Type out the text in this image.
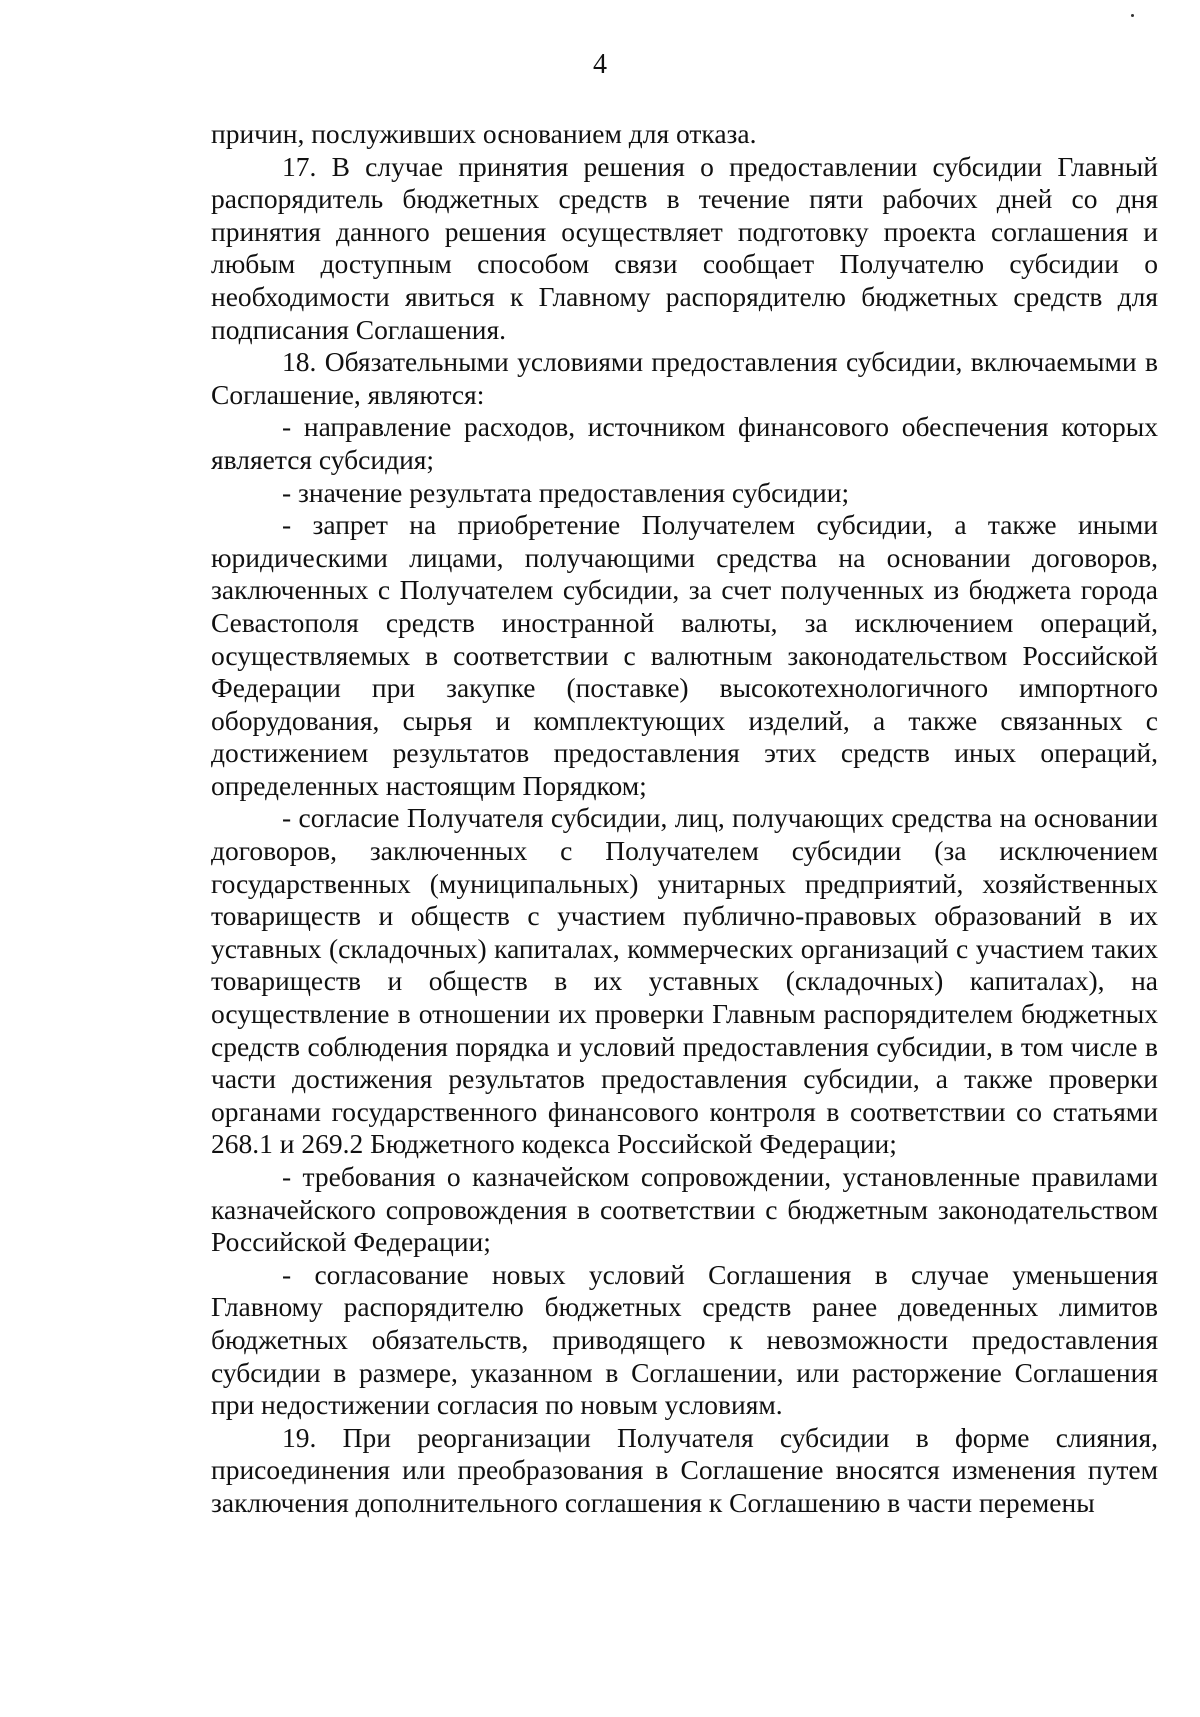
4

причин, послуживших основанием для отказа.

17. В случае принятия решения о предоставлении субсидии Главный распорядитель бюджетных средств в течение пяти рабочих дней со дня принятия данного решения осуществляет подготовку проекта соглашения и любым доступным способом связи сообщает Получателю субсидии о необходимости явиться к Главному распорядителю бюджетных средств для подписания Соглашения.

18. Обязательными условиями предоставления субсидии, включаемыми в Соглашение, являются:

- направление расходов, источником финансового обеспечения которых является субсидия;

- значение результата предоставления субсидии;

- запрет на приобретение Получателем субсидии, а также иными юридическими лицами, получающими средства на основании договоров, заключенных с Получателем субсидии, за счет полученных из бюджета города Севастополя средств иностранной валюты, за исключением операций, осуществляемых в соответствии с валютным законодательством Российской Федерации при закупке (поставке) высокотехнологичного импортного оборудования, сырья и комплектующих изделий, а также связанных с достижением результатов предоставления этих средств иных операций, определенных настоящим Порядком;

- согласие Получателя субсидии, лиц, получающих средства на основании договоров, заключенных с Получателем субсидии (за исключением государственных (муниципальных) унитарных предприятий, хозяйственных товариществ и обществ с участием публично-правовых образований в их уставных (складочных) капиталах, коммерческих организаций с участием таких товариществ и обществ в их уставных (складочных) капиталах), на осуществление в отношении их проверки Главным распорядителем бюджетных средств соблюдения порядка и условий предоставления субсидии, в том числе в части достижения результатов предоставления субсидии, а также проверки органами государственного финансового контроля в соответствии со статьями 268.1 и 269.2 Бюджетного кодекса Российской Федерации;

- требования о казначейском сопровождении, установленные правилами казначейского сопровождения в соответствии с бюджетным законодательством Российской Федерации;

- согласование новых условий Соглашения в случае уменьшения Главному распорядителю бюджетных средств ранее доведенных лимитов бюджетных обязательств, приводящего к невозможности предоставления субсидии в размере, указанном в Соглашении, или расторжение Соглашения при недостижении согласия по новым условиям.

19. При реорганизации Получателя субсидии в форме слияния, присоединения или преобразования в Соглашение вносятся изменения путем заключения дополнительного соглашения к Соглашению в части перемены
